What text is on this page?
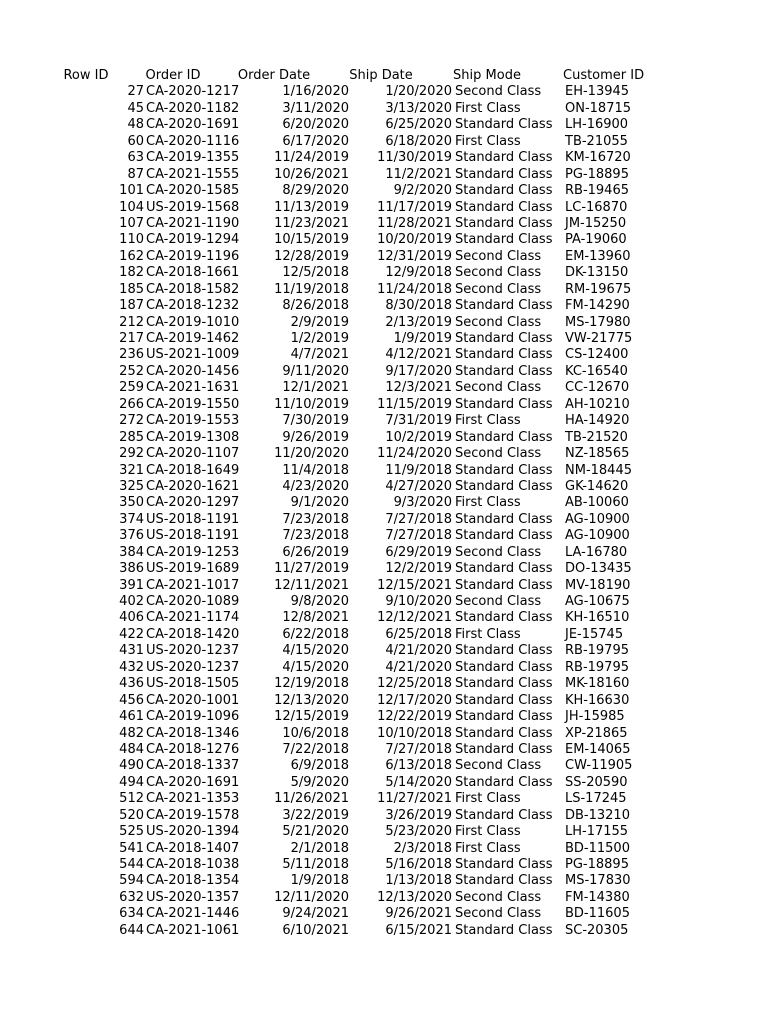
Row ID	Order ID	Order Date	Ship Date	Ship Mode	Customer ID
27 CA-2020-1217	1/16/2020	1/20/2020 Second Class	EH-13945
45 CA-2020-1182	3/11/2020	3/13/2020 First Class	ON-18715
48 CA-2020-1691	6/20/2020	6/25/2020 Standard Class LH-16900
60 CA-2020-1116	6/17/2020	6/18/2020 First Class	TB-21055
63 CA-2019-1355	11/24/2019	11/30/2019 Standard Class KM-16720
87 CA-2021-1555	10/26/2021	11/2/2021 Standard Class PG-18895
101 CA-2020-1585	8/29/2020	9/2/2020 Standard Class RB-19465
104 US-2019-1568	11/13/2019	11/17/2019 Standard Class LC-16870
107 CA-2021-1190	11/23/2021	11/28/2021 Standard Class JM-15250
110 CA-2019-1294	10/15/2019	10/20/2019 Standard Class PA-19060
162 CA-2019-1196	12/28/2019	12/31/2019 Second Class	EM-13960
182 CA-2018-1661	12/5/2018	12/9/2018 Second Class	DK-13150
185 CA-2018-1582	11/19/2018	11/24/2018 Second Class	RM-19675
187 CA-2018-1232	8/26/2018	8/30/2018 Standard Class FM-14290
212 CA-2019-1010	2/9/2019	2/13/2019 Second Class	MS-17980
217 CA-2019-1462	1/2/2019	1/9/2019 Standard Class VW-21775
236 US-2021-1009	4/7/2021	4/12/2021 Standard Class CS-12400
252 CA-2020-1456	9/11/2020	9/17/2020 Standard Class KC-16540
259 CA-2021-1631	12/1/2021	12/3/2021 Second Class	CC-12670
266 CA-2019-1550	11/10/2019	11/15/2019 Standard Class AH-10210
272 CA-2019-1553	7/30/2019	7/31/2019 First Class	HA-14920
285 CA-2019-1308	9/26/2019	10/2/2019 Standard Class TB-21520
292 CA-2020-1107	11/20/2020	11/24/2020 Second Class	NZ-18565
321 CA-2018-1649	11/4/2018	11/9/2018 Standard Class NM-18445
325 CA-2020-1621	4/23/2020	4/27/2020 Standard Class GK-14620
350 CA-2020-1297	9/1/2020	9/3/2020 First Class	AB-10060
374 US-2018-1191	7/23/2018	7/27/2018 Standard Class AG-10900
376 US-2018-1191	7/23/2018	7/27/2018 Standard Class AG-10900
384 CA-2019-1253	6/26/2019	6/29/2019 Second Class	LA-16780
386 US-2019-1689	11/27/2019	12/2/2019 Standard Class DO-13435
391 CA-2021-1017	12/11/2021	12/15/2021 Standard Class MV-18190
402 CA-2020-1089	9/8/2020	9/10/2020 Second Class	AG-10675
406 CA-2021-1174	12/8/2021	12/12/2021 Standard Class KH-16510
422 CA-2018-1420	6/22/2018	6/25/2018 First Class	JE-15745
431 US-2020-1237	4/15/2020	4/21/2020 Standard Class RB-19795
432 US-2020-1237	4/15/2020	4/21/2020 Standard Class RB-19795
436 US-2018-1505	12/19/2018	12/25/2018 Standard Class MK-18160
456 CA-2020-1001	12/13/2020	12/17/2020 Standard Class KH-16630
461 CA-2019-1096	12/15/2019	12/22/2019 Standard Class JH-15985
482 CA-2018-1346	10/6/2018	10/10/2018 Standard Class XP-21865
484 CA-2018-1276	7/22/2018	7/27/2018 Standard Class EM-14065
490 CA-2018-1337	6/9/2018	6/13/2018 Second Class	CW-11905
494 CA-2020-1691	5/9/2020	5/14/2020 Standard Class SS-20590
512 CA-2021-1353	11/26/2021	11/27/2021 First Class	LS-17245
520 CA-2019-1578	3/22/2019	3/26/2019 Standard Class DB-13210
525 US-2020-1394	5/21/2020	5/23/2020 First Class	LH-17155
541 CA-2018-1407	2/1/2018	2/3/2018 First Class	BD-11500
544 CA-2018-1038	5/11/2018	5/16/2018 Standard Class PG-18895
594 CA-2018-1354	1/9/2018	1/13/2018 Standard Class MS-17830
632 US-2020-1357	12/11/2020	12/13/2020 Second Class	FM-14380
634 CA-2021-1446	9/24/2021	9/26/2021 Second Class	BD-11605
644 CA-2021-1061	6/10/2021	6/15/2021 Standard Class SC-20305
